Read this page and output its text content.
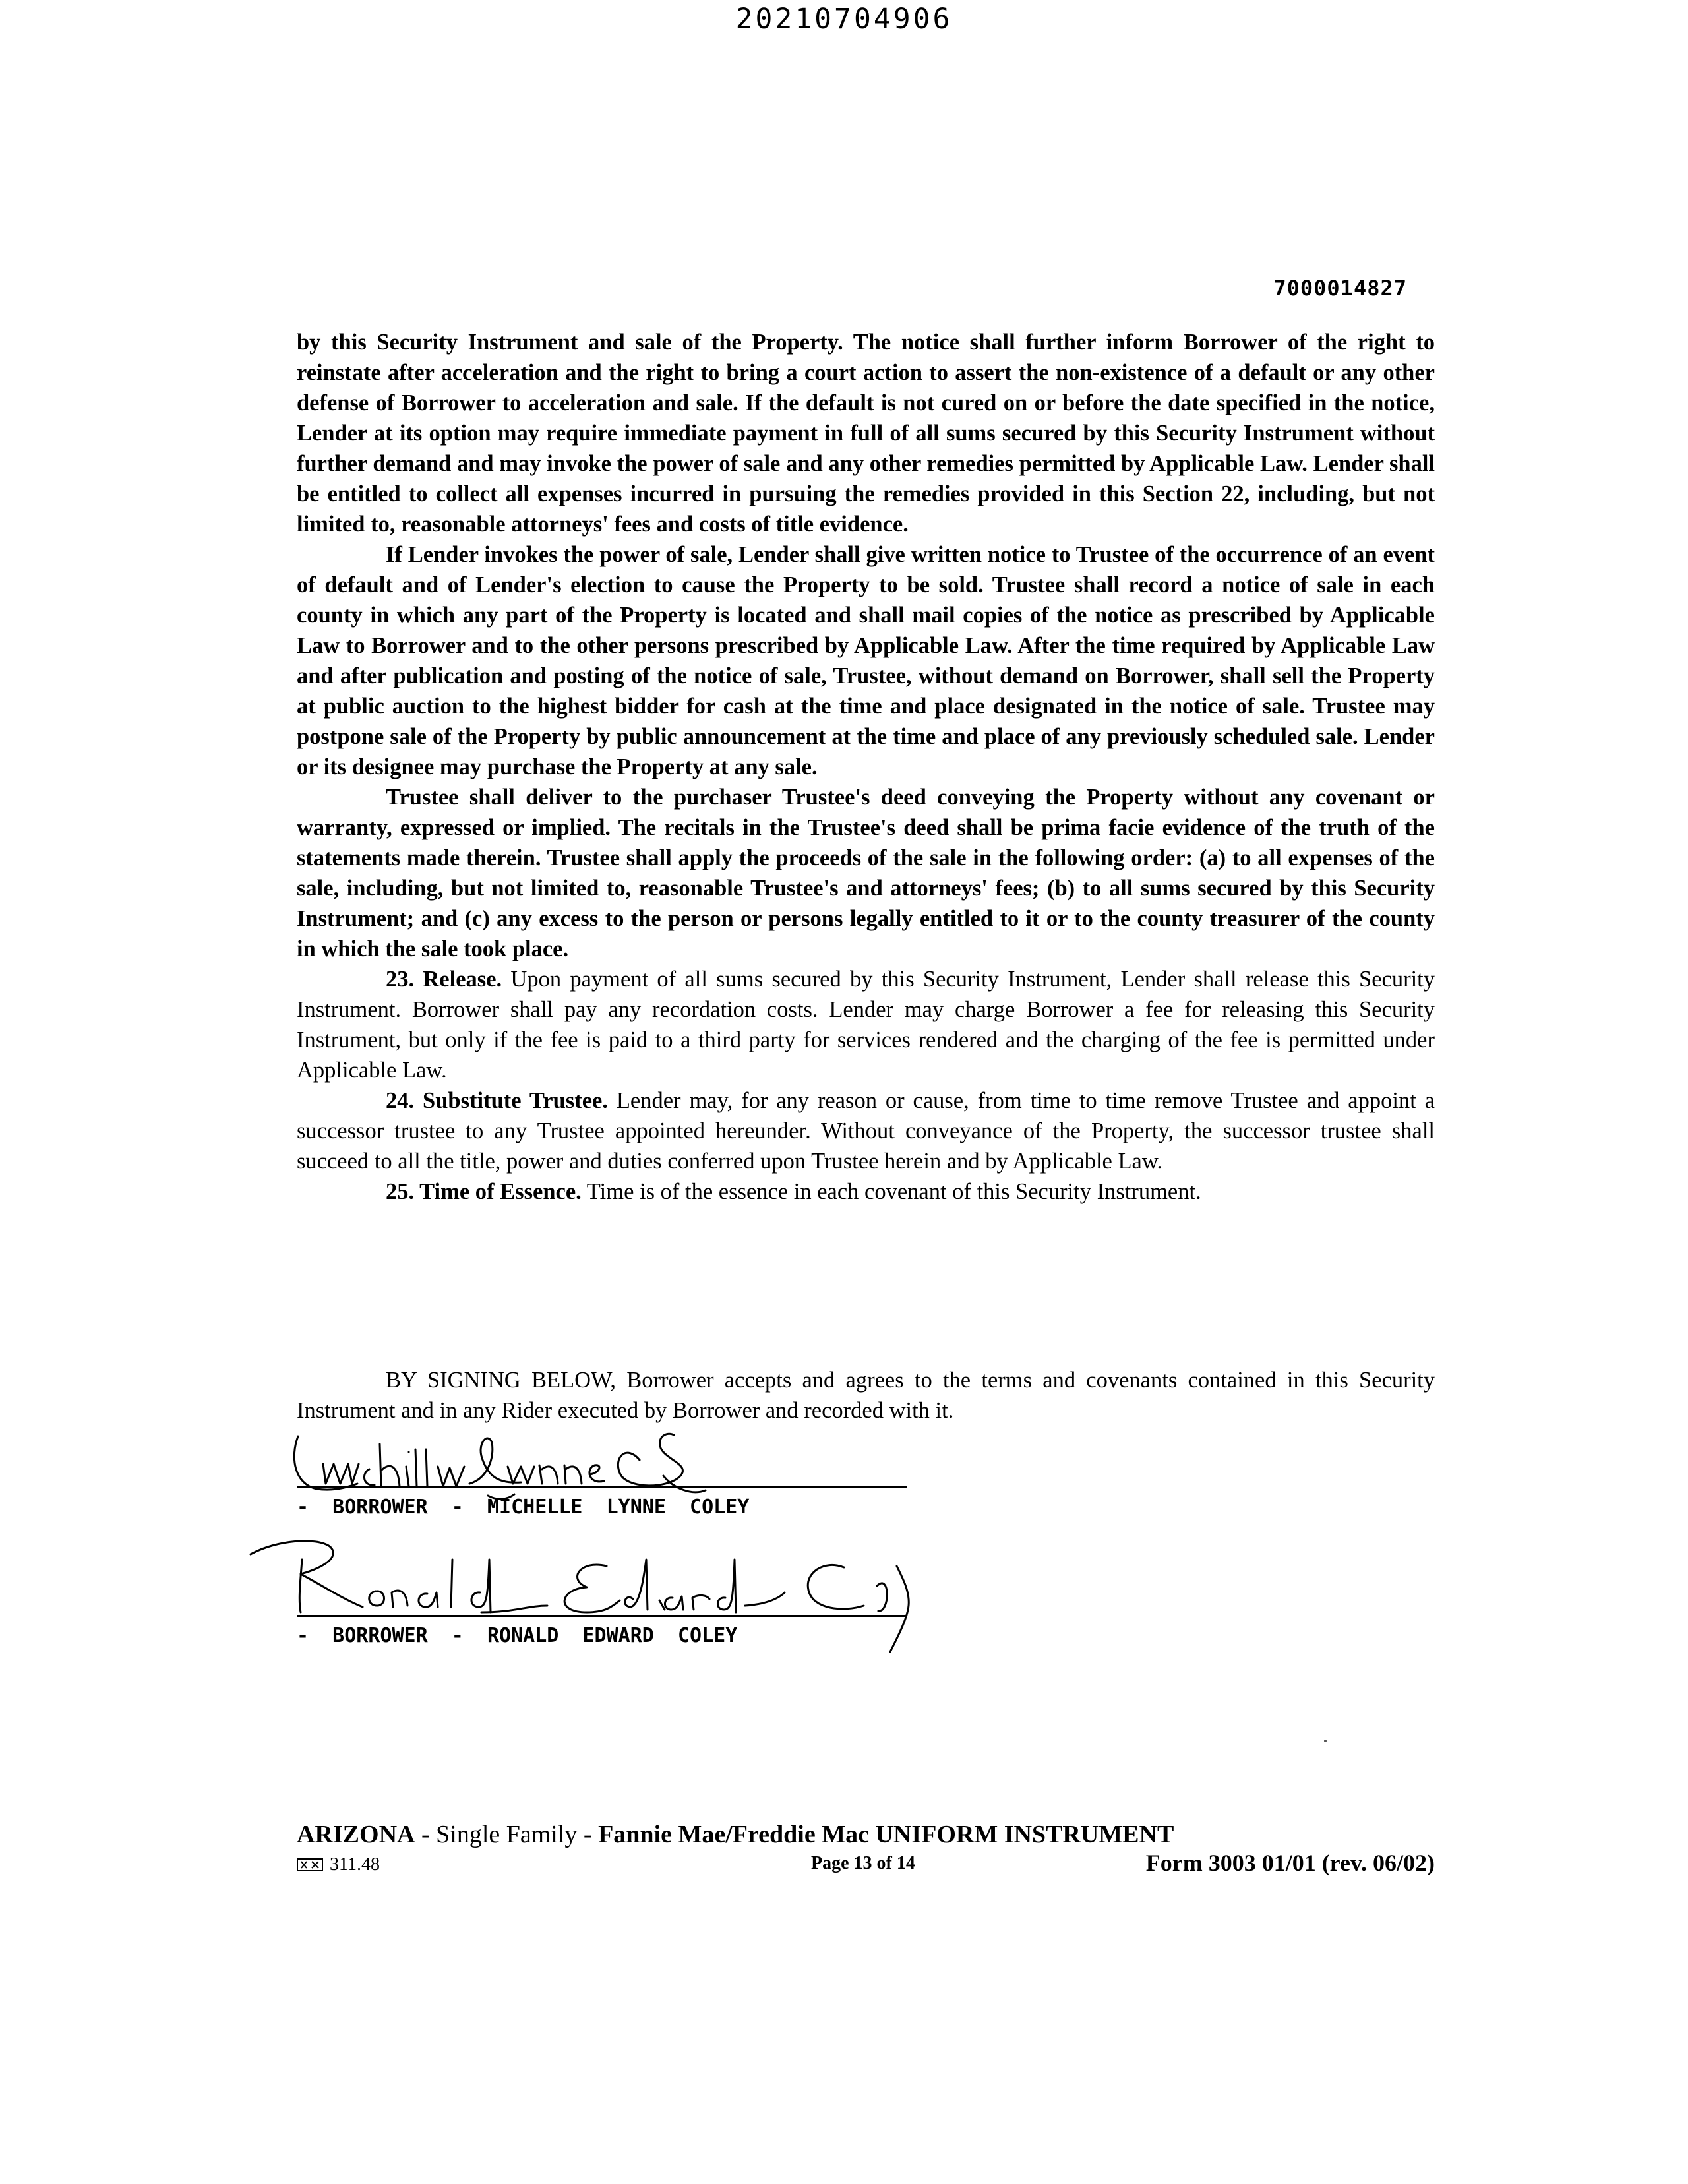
20210704906
7000014827

by this Security Instrument and sale of the Property. The notice shall further inform Borrower of the right to reinstate after acceleration and the right to bring a court action to assert the non-existence of a default or any other defense of Borrower to acceleration and sale. If the default is not cured on or before the date specified in the notice, Lender at its option may require immediate payment in full of all sums secured by this Security Instrument without further demand and may invoke the power of sale and any other remedies permitted by Applicable Law. Lender shall be entitled to collect all expenses incurred in pursuing the remedies provided in this Section 22, including, but not limited to, reasonable attorneys' fees and costs of title evidence.

If Lender invokes the power of sale, Lender shall give written notice to Trustee of the occurrence of an event of default and of Lender's election to cause the Property to be sold. Trustee shall record a notice of sale in each county in which any part of the Property is located and shall mail copies of the notice as prescribed by Applicable Law to Borrower and to the other persons prescribed by Applicable Law. After the time required by Applicable Law and after publication and posting of the notice of sale, Trustee, without demand on Borrower, shall sell the Property at public auction to the highest bidder for cash at the time and place designated in the notice of sale. Trustee may postpone sale of the Property by public announcement at the time and place of any previously scheduled sale. Lender or its designee may purchase the Property at any sale.

Trustee shall deliver to the purchaser Trustee's deed conveying the Property without any covenant or warranty, expressed or implied. The recitals in the Trustee's deed shall be prima facie evidence of the truth of the statements made therein. Trustee shall apply the proceeds of the sale in the following order: (a) to all expenses of the sale, including, but not limited to, reasonable Trustee's and attorneys' fees; (b) to all sums secured by this Security Instrument; and (c) any excess to the person or persons legally entitled to it or to the county treasurer of the county in which the sale took place.

23. Release. Upon payment of all sums secured by this Security Instrument, Lender shall release this Security Instrument. Borrower shall pay any recordation costs. Lender may charge Borrower a fee for releasing this Security Instrument, but only if the fee is paid to a third party for services rendered and the charging of the fee is permitted under Applicable Law.

24. Substitute Trustee. Lender may, for any reason or cause, from time to time remove Trustee and appoint a successor trustee to any Trustee appointed hereunder. Without conveyance of the Property, the successor trustee shall succeed to all the title, power and duties conferred upon Trustee herein and by Applicable Law.

25. Time of Essence. Time is of the essence in each covenant of this Security Instrument.

BY SIGNING BELOW, Borrower accepts and agrees to the terms and covenants contained in this Security Instrument and in any Rider executed by Borrower and recorded with it.

-  BORROWER  -  MICHELLE  LYNNE  COLEY
-  BORROWER  -  RONALD  EDWARD  COLEY
ARIZONA - Single Family - Fannie Mae/Freddie Mac UNIFORM INSTRUMENT
311.48	Page 13 of 14	Form 3003 01/01 (rev. 06/02)
